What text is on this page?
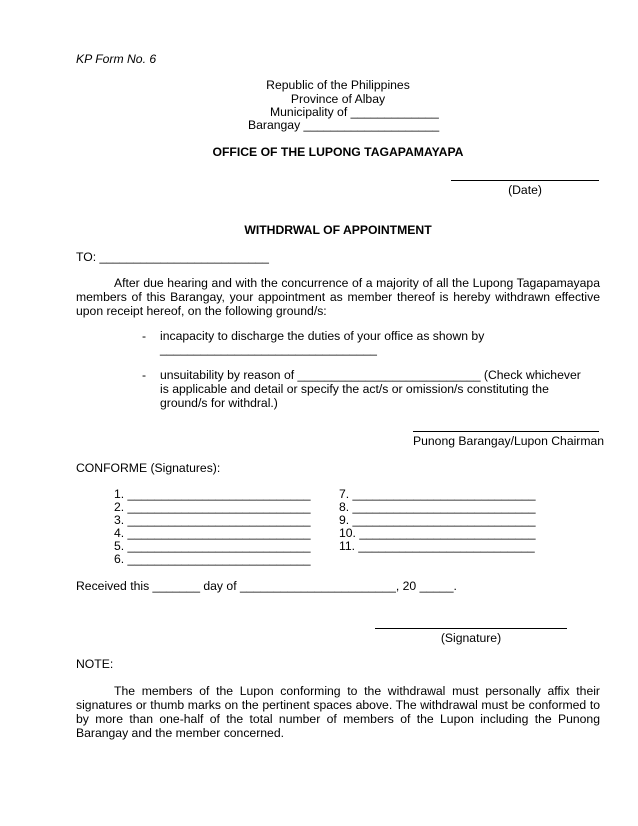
KP Form No. 6
Republic of the Philippines
Province of Albay
Municipality of _____________
Barangay ____________________
OFFICE OF THE LUPONG TAGAPAMAYAPA
(Date)
WITHDRWAL OF APPOINTMENT
TO: _________________________
After due hearing and with the concurrence of a majority of all the Lupong Tagapamayapa members of this Barangay, your appointment as member thereof is hereby withdrawn effective upon receipt hereof, on the following ground/s:
- incapacity to discharge the duties of your office as shown by
________________________________
- unsuitability by reason of ___________________________ (Check whichever is applicable and detail or specify the act/s or omission/s constituting the ground/s for withdral.)
Punong Barangay/Lupon Chairman
CONFORME (Signatures):
1. ___________________________
2. ___________________________
3. ___________________________
4. ___________________________
5. ___________________________
6. ___________________________
7. ___________________________
8. ___________________________
9. ___________________________
10. __________________________
11. __________________________
Received this _______ day of _______________________, 20 _____.
(Signature)
NOTE:
The members of the Lupon conforming to the withdrawal must personally affix their signatures or thumb marks on the pertinent spaces above. The withdrawal must be conformed to by more than one-half of the total number of members of the Lupon including the Punong Barangay and the member concerned.
